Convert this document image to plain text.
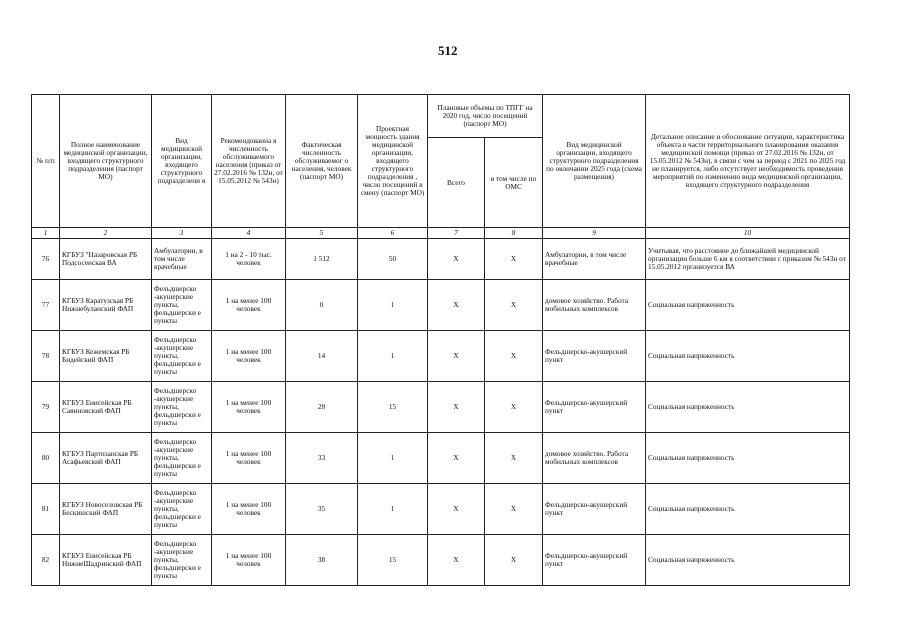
512
№ п/п	Полное наименование медицинской организации, входящего структурного подразделения (паспорт МО)	Вид медицинской организации, входящего структурного подразделени я	Рекомендованна я численность обслуживаемого населения (приказ от 27.02.2016 № 132н, от 15.05.2012 № 543н)	Фактическая численность обслуживаемог о населения, человек (паспорт МО)	Проектная мощность здания медицинской организации, входящего структурного подразделения , число посещений в смену (паспорт МО)	Плановые объемы по ТПГГ на 2020 год, число посещений (паспорт МО)		Вид медицинской организации, входящего структурного подразделения по окончании 2025 года (схема размещения)	Детальное описание и обоснование ситуации, характеристика объекта в части территориального планирования оказания медицинской помощи (приказ от 27.02.2016 № 132н, от 15.05.2012 № 543н), в связи с чем за период с 2021 по 2025 год не планируется, либо отсутствует необходимость проведения мероприятий по изменению вида медицинской организации, входящего структурного подразделения
						Всего	в том числе по ОМС		
1	2	3	4	5	6	7	8	9	10
76	КГБУЗ "Назаровская РБ Подсосенская ВА	Амбулатории, в том числе врачебные	1 на 2 - 10 тыс. человек	1 512	50	X	X	Амбулатории, в том числе врачебные	Учитывая, что расстояние до ближайшей медицинской организации больше 6 км в соответствии с приказом № 543н от 15.05.2012 организуется ВА
77	КГБУЗ Каратузская РБ Нижнебуланский ФАП	Фельдшерско -акушерские пункты, фельдшерски е пункты	1 на менее 100 человек	0	1	X	X	домовое хозяйство. Работа мобильных комплексов	Социальная напряженность
78	КГБУЗ Кежемская РБ Бидейский ФАП	Фельдшерско -акушерские пункты, фельдшерски е пункты	1 на менее 100 человек	14	1	X	X	Фельдшерско-акушерский пункт	Социальная напряженность
79	КГБУЗ Енисейская РБ Савиновский ФАП	Фельдшерско -акушерские пункты, фельдшерски е пункты	1 на менее 100 человек	28	15	X	X	Фельдшерско-акушерский пункт	Социальная напряженность
80	КГБУЗ Партизанская РБ Асафьевский ФАП	Фельдшерско -акушерские пункты, фельдшерски е пункты	1 на менее 100 человек	33	1	X	X	домовое хозяйство. Работа мобильных комплексов	Социальная напряженность
81	КГБУЗ Новоселовская РБ Бескишский ФАП	Фельдшерско -акушерские пункты, фельдшерски е пункты	1 на менее 100 человек	35	1	X	X	Фельдшерско-акушерский пункт	Социальная напряженность
82	КГБУЗ Енисейская РБ НижнеШадринский ФАП	Фельдшерско -акушерские пункты, фельдшерски е пункты	1 на менее 100 человек	38	15	X	X	Фельдшерско-акушерский пункт	Социальная напряженность
